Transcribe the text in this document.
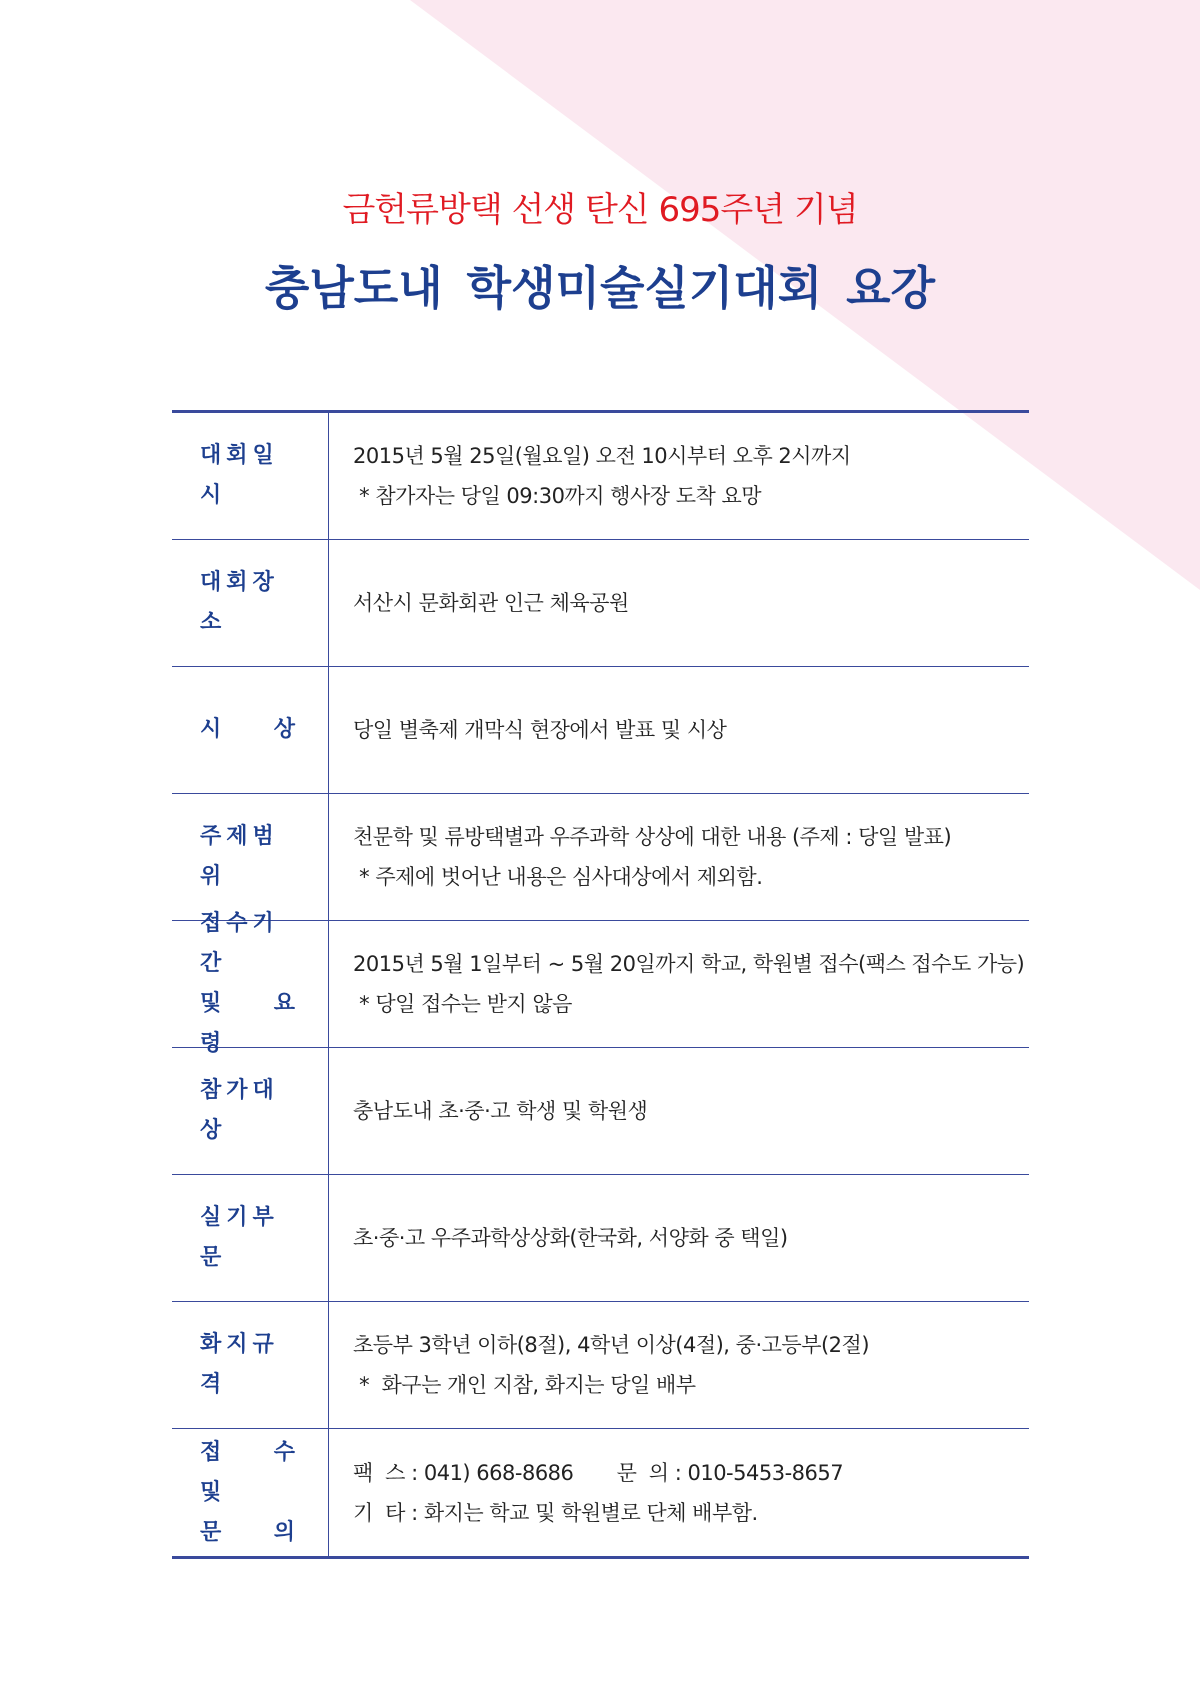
금헌류방택 선생 탄신 695주년 기념
충남도내 학생미술실기대회 요강
대회일시
2015년 5월 25일(월요일) 오전 10시부터 오후 2시까지
* 참가자는 당일 09:30까지 행사장 도착 요망
대회장소
서산시 문화회관 인근 체육공원
시 상	당일 별축제 개막식 현장에서 발표 및 시상
주제범위
천문학 및 류방택별과 우주과학 상상에 대한 내용 (주제 : 당일 발표)
* 주제에 벗어난 내용은 심사대상에서 제외함.
접수기간
및 요 령
2015년 5월 1일부터 ~ 5월 20일까지 학교, 학원별 접수(팩스 접수도 가능)
* 당일 접수는 받지 않음
참가대상
충남도내 초·중·고 학생 및 학원생
실기부문
초·중·고 우주과학상상화(한국화, 서양화 중 택일)
화지규격
초등부 3학년 이하(8절), 4학년 이상(4절), 중·고등부(2절)
*  화구는 개인 지참, 화지는 당일 배부
접 수 및
문 의
팩  스 : 041) 668-8686       문  의 : 010-5453-8657
기  타 : 화지는 학교 및 학원별로 단체 배부함.
